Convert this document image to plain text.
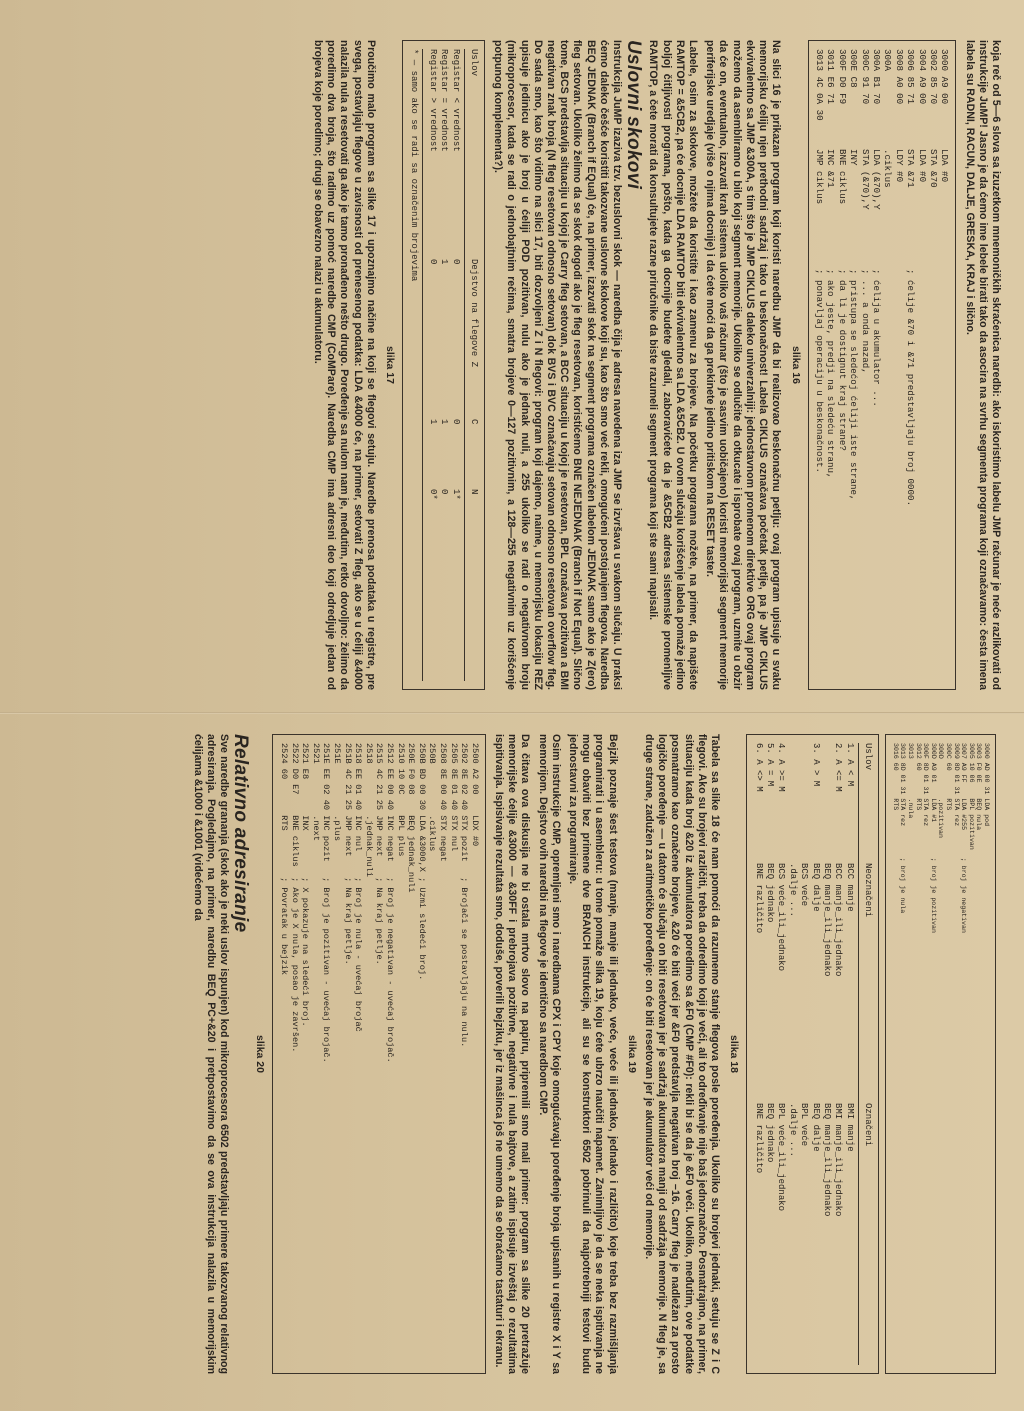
koja reč od 5—6 slova sa izuzetkom mnemoničkih skraćenica naredbi: ako iskoristimo labelu JMP računar je neće razlikovati od instrukcije JuMP! Jasno je da ćemo ime lebele birati tako da asocira na svrhu segmenta programa koji označavamo: česta imena labela su RADNI, RACUN, DALJE, GRESKA, KRAJ i slično.

3000 A9 00
LDA #0
3002 85 70
STA &70
3004 A9 00
LDA #0
3006 85 71
STA &71
; ćelije &70 i &71 predstavljaju broj 0000.
3008 A0 00
LDY #0
300A
.ciklus
300A B1 70
LDA (&70),Y
; ćelija u akumulator ...
300C 91 70
STA (&70),Y
; ... a onda nazad,
300E C8
INY
; pristupa se sledećoj ćeliji iste strane,
300F D0 F9
BNE ciklus
; da li je dostignut kraj strane?
3011 E6 71
INC &71
; ako jeste, predji na sledeću stranu,
3013 4C 0A 30
JMP ciklus
; ponavljaj operaciju u beskonačnost.
slika 16

Na slici 16 je prikazan program koji koristi naredbu JMP da bi realizovao beskonačnu petlju: ovaj program upisuje u svaku memorijsku ćeliju njen prethodni sadržaj i tako u beskonačnost! Labela CIKLUS označava početak petlje, pa je JMP CIKLUS ekvivalentno sa JMP &300A, s tim što je JMP CIKLUS daleko univerzalniji: jednostavnom promenom direktive ORG ovaj program možemo da asembliramo u bilo koji segment memorije. Ukoliko se odlučite da otkucate i isprobate ovaj program, uzmite u obzir da će on, eventualno, izazvati krah sistema ukoliko vaš računar (što je sasvim uobičajeno) koristi memorijski segment memorije periferijske uredjaje (više o njima docnije) i da ćete moći da ga prekinete jedino pritiskom na RESET taster.

Labele, osim za skokove, možete da koristite i kao zamenu za brojeve. Na početku programa možete, na primer, da napišete RAMTOP = &5CB2, pa će docnije LDA RAMTOP biti ekvivalentno sa LDA &5CB2. U ovom slučaju korišćenje labela pomaže jedino boljoj čitljivosti programa, pošto, kada ga docnije budete gledali, zaboravićete da je &5CB2 adresa sistemske promenljive RAMTOP, a čete morati da konsultujete razne priručnike da biste razumeli segment programa koji ste sami napisali.

Uslovni skokovi

Instrukcija JuMP izaziva tzv. bezuslovni skok — naredba čija je adresa navedena iza JMP se izvršava u svakom slučaju. U praksi ćemo daleko češće koristiti takozvane uslovne skokove koji su, kao što smo već rekli, omogućeni postojanjem flegova. Naredba BEQ JEDNAK (Branch if EQual) će, na primer, izazvati skok na segment programa označen labelom JEDNAK samo ako je Z(ero) fleg setovan. Ukoliko želimo da se skok dogodi ako je fleg resetovan, koristićemo BNE NEJEDNAK (Branch if Not Equal). Slično tome, BCS predstavlja situaciju u kojoj je Carry fleg setovan, a BCC situaciju u kojoj je resetovan, BPL označava pozitivan a BMI negativan znak broja (N fleg resetovan odnosno setovan) dok BVS i BVC označavaju setovan odnosno resetovan overflow fleg. Do sada smo, kao što vidimo na slici 17, biti dozvoljeni Z i N flegovi: program koji dajemo, naime, u memorijsku lokaciju REZ upisuje jedinicu ako je broj u ćeliji POD pozitivan, nulu ako je jednak nuli, a 255 ukoliko se radi o negativnom broju (mikroprocesor, kada se radi o jednobajtnim rečima, smatra brojeve 0—127 pozitivnim, a 128—255 negativnim uz korišćenje potpunog komplementa?).

Uslov
Dejstvo na flegove Z
C
N
Registar < vrednost
0
0
1*
Registar = vrednost
1
1
0
Registar > vrednost
0
1
0*
* — samo ako se radi sa označenim brojevima
slika 17

Proučimo malo program sa slike 17 i upoznajmo načine na koji se flegovi setuju. Naredbe prenosa podataka u registre, pre svega, postavljaju flegove u zavisnosti od prenesenog podatka: LDA &4000 će, na primer, setovati Z fleg, ako se u ćeliji &4000 nalazila nula a resetovati ga ako je tamo pronađeno nešto drugo. Poređenje sa nulom nam je, međutim, retko dovoljno: želimo da poredimo dva broja, što radimo uz pomoć naredbe CMP (CoMPare). Naredba CMP ima adresni deo koji odredjuje jedan od brojeva koje poredimo; drugi se obavezno nalazi u akumulatoru.

3000 AD 00 31 LDA pod
3003 F0 0E    BEQ nula
3005 10 06    BPL pozitivan
3007 A9 FF    LDA #255       ; broj je negativan
3009 8D 01 31 STA rez
300C 60       RTS
300D          .pozitivan
300D A9 01    LDA #1         ; broj je pozitivan
300F 8D 01 31 STA rez
3012 60       RTS
3013          .nula
3013 8D 01 31 STA rez        ; broj je nula
3016 60       RTS
Uslov
Neoznačeni
Označeni
1. A < M
BCC manje
BMI manje
2. A <= M
BCC manje_ili_jednako
BMI manje_ili_jednako
BEQ manje_ili_jednako
BEQ manje_ili_jednako
3. A > M
BEQ dalje
BEQ dalje
BCS veće
BPL veće
.dalje ...
.dalje ...
4. A >= M
BCS veće_ili_jednako
BPL veće_ili_jednako
5. A = M
BEQ jednako
BEQ jednako
6. A <> M
BNE različito
BNE različito
slika 18

Tabela sa slike 18 će nam pomoći da razumemo stanje flegova posle poređenja. Ukoliko su brojevi jednaki, setuju se Z i C flegovi. Ako su brojevi različiti, treba da odredimo koji je veći, ali to određivanje nije baš jednoznačno. Posmatrajmo, na primer, situaciju kada broj &20 iz akumulatora poredimo sa &F0 (CMP #F0): rekli bi se da je &F0 veći. Ukoliko, međutim, ove podatke posmatramo kao označene brojeve, &20 će biti veći jer &F0 predstavlja negativan broj −16. Carry fleg je nadležan za prosto logičko poređenje — u datom će slučaju on biti resetovan jer je sadržaj akumulatora manji od sadržaja memorije. N fleg je, sa druge strane, zadužen za aritmetičko poređenje: on će biti resetovan jer je akumulator veći od memorije.

slika 19

Bejzik poznaje šest testova (manje, manje ili jednako, veće, veće ili jednako, jednako i različito) koje treba bez razmišljanja programirati i u asembleru: u tome pomaže slika 19, koju ćete ubrzo naučiti napamet. Zanimljivo je da se neka ispitivanja ne mogu obaviti bez primene dve BRANCH instrukcije, ali su se konstruktori 6502 pobrinuli da najpotrebniji testovi budu jednostavni za programiranje.

Osim instrukcije CMP, opremljeni smo i naredbama CPX i CPY koje omogućavaju poređenje broja upisanih u registre X i Y sa memorijom. Dejstvo ovih naredbi na flegove je identično sa naredbom CMP.

Da čitava ova diskusija ne bi ostala mrtvo slovo na papiru, pripremili smo mali primer: program sa slike 20 pretražuje memorijske ćelije &3000 — &30FF i prebrojava pozitivne, negativne i nula bajtove, a zatim ispisuje izveštaj o rezultatima ispitivanja. Ispisivanje rezultata smo, doduše, poverili bejziku, jer iz mašinca još ne umemo da se obraćamo tastaturi i ekranu.

2500 A2 00    LDX #0
2502 8E 02 40 STX pozit   ; Brojači se postavljaju na nulu.
2505 8E 01 40 STX nul
2508 8E 00 40 STX negat
250B          .ciklus
250B BD 00 30 LDA &3000,X ; Uzmi sledeći broj.
250E F0 08    BEQ jednak_nuli
2510 10 0C    BPL plus
2512 EE 00 40 INC negat   ; Broj je negativan - uvećaj brojač.
2515 4C 21 25 JMP next    ; Na kraj petlje.
2518          .jednak_nuli
2518 EE 01 40 INC nul     ; Broj je nula - uvećaj brojač
251B 4C 21 25 JMP next    ; Na kraj petlje.
251E          .plus
251E EE 02 40 INC pozit   ; Broj je pozitivan - uvećaj brojač.
2521          .next
2521 E8       INX         ; X pokazuje na sledeći broj.
2522 D0 E7    BNE ciklus  ; Ako je X nula, posao je završen.
2524 60       RTS         ; Povratak u bejzik
slika 20
Relativno adresiranje

Sve naredbe grananja (skok ako je neki uslov ispunjen) kod mikroprocesora 6502 predstavljaju primere takozvanog relativnog adresiranja. Pogledajmo, na primer, naredbu BEQ PC+&20 i pretpostavimo da se ova instrukcija nalazila u memorijskim ćelijama &1000 i &1001 (videćemo da
